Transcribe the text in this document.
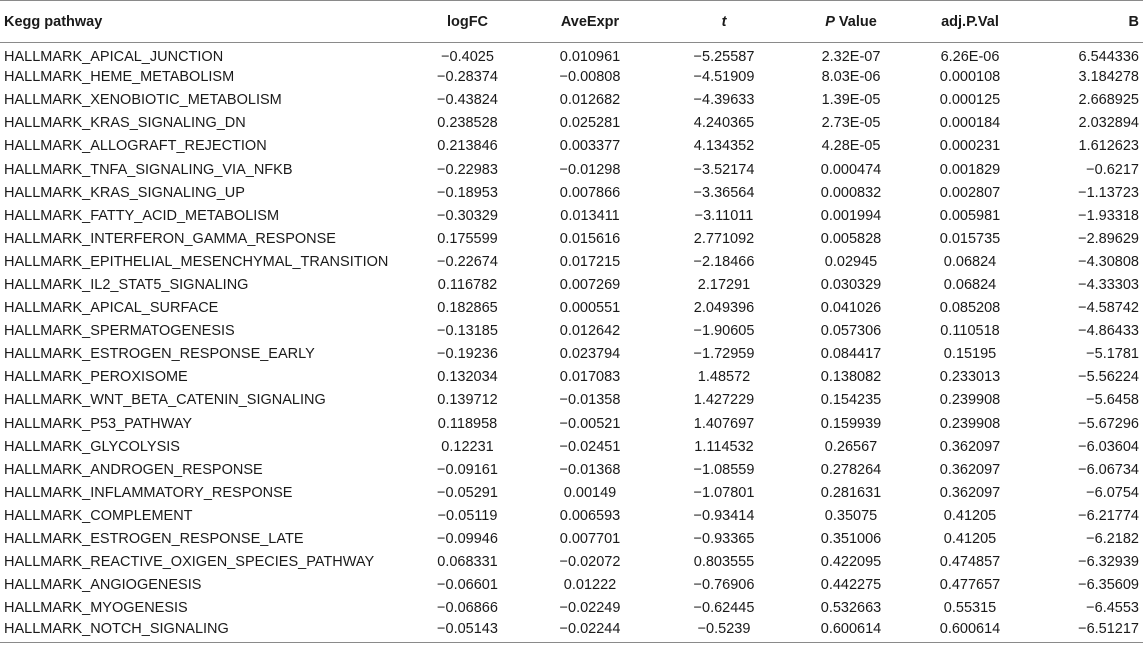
Kegg pathway	logFC	AveExpr	t	P Value	adj.P.Val	B
HALLMARK_APICAL_JUNCTION	−0.4025	0.010961	−5.25587	2.32E-07	6.26E-06	6.544336
HALLMARK_HEME_METABOLISM	−0.28374	−0.00808	−4.51909	8.03E-06	0.000108	3.184278
HALLMARK_XENOBIOTIC_METABOLISM	−0.43824	0.012682	−4.39633	1.39E-05	0.000125	2.668925
HALLMARK_KRAS_SIGNALING_DN	0.238528	0.025281	4.240365	2.73E-05	0.000184	2.032894
HALLMARK_ALLOGRAFT_REJECTION	0.213846	0.003377	4.134352	4.28E-05	0.000231	1.612623
HALLMARK_TNFA_SIGNALING_VIA_NFKB	−0.22983	−0.01298	−3.52174	0.000474	0.001829	−0.6217
HALLMARK_KRAS_SIGNALING_UP	−0.18953	0.007866	−3.36564	0.000832	0.002807	−1.13723
HALLMARK_FATTY_ACID_METABOLISM	−0.30329	0.013411	−3.11011	0.001994	0.005981	−1.93318
HALLMARK_INTERFERON_GAMMA_RESPONSE	0.175599	0.015616	2.771092	0.005828	0.015735	−2.89629
HALLMARK_EPITHELIAL_MESENCHYMAL_TRANSITION	−0.22674	0.017215	−2.18466	0.02945	0.06824	−4.30808
HALLMARK_IL2_STAT5_SIGNALING	0.116782	0.007269	2.17291	0.030329	0.06824	−4.33303
HALLMARK_APICAL_SURFACE	0.182865	0.000551	2.049396	0.041026	0.085208	−4.58742
HALLMARK_SPERMATOGENESIS	−0.13185	0.012642	−1.90605	0.057306	0.110518	−4.86433
HALLMARK_ESTROGEN_RESPONSE_EARLY	−0.19236	0.023794	−1.72959	0.084417	0.15195	−5.1781
HALLMARK_PEROXISOME	0.132034	0.017083	1.48572	0.138082	0.233013	−5.56224
HALLMARK_WNT_BETA_CATENIN_SIGNALING	0.139712	−0.01358	1.427229	0.154235	0.239908	−5.6458
HALLMARK_P53_PATHWAY	0.118958	−0.00521	1.407697	0.159939	0.239908	−5.67296
HALLMARK_GLYCOLYSIS	0.12231	−0.02451	1.114532	0.26567	0.362097	−6.03604
HALLMARK_ANDROGEN_RESPONSE	−0.09161	−0.01368	−1.08559	0.278264	0.362097	−6.06734
HALLMARK_INFLAMMATORY_RESPONSE	−0.05291	0.00149	−1.07801	0.281631	0.362097	−6.0754
HALLMARK_COMPLEMENT	−0.05119	0.006593	−0.93414	0.35075	0.41205	−6.21774
HALLMARK_ESTROGEN_RESPONSE_LATE	−0.09946	0.007701	−0.93365	0.351006	0.41205	−6.2182
HALLMARK_REACTIVE_OXIGEN_SPECIES_PATHWAY	0.068331	−0.02072	0.803555	0.422095	0.474857	−6.32939
HALLMARK_ANGIOGENESIS	−0.06601	0.01222	−0.76906	0.442275	0.477657	−6.35609
HALLMARK_MYOGENESIS	−0.06866	−0.02249	−0.62445	0.532663	0.55315	−6.4553
HALLMARK_NOTCH_SIGNALING	−0.05143	−0.02244	−0.5239	0.600614	0.600614	−6.51217
